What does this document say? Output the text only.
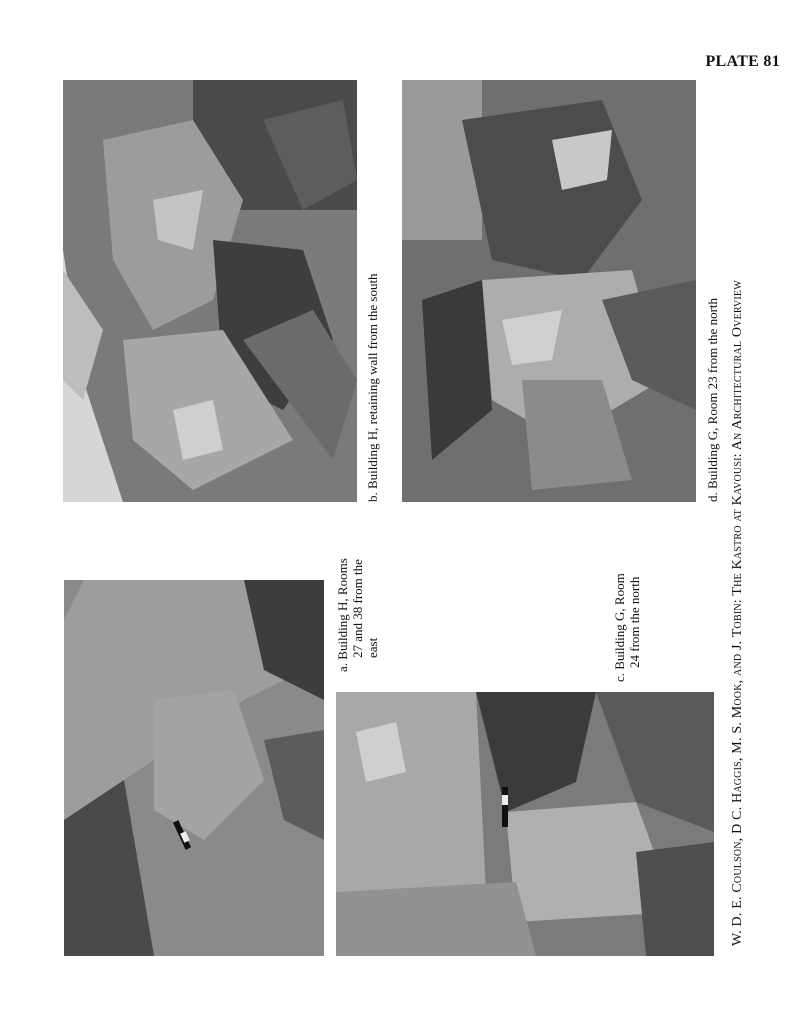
PLATE 81
b. Building H, retaining wall from the south	d. Building G, Room 23 from the north
a. Building H, Rooms 27 and 38 from the east	c. Building G, Room 24 from the north	W. D. E. Coulson, D C. Haggis, M. S. Mook, and J. Tobin: The Kastro at Kavousi: An Architectural Overview
